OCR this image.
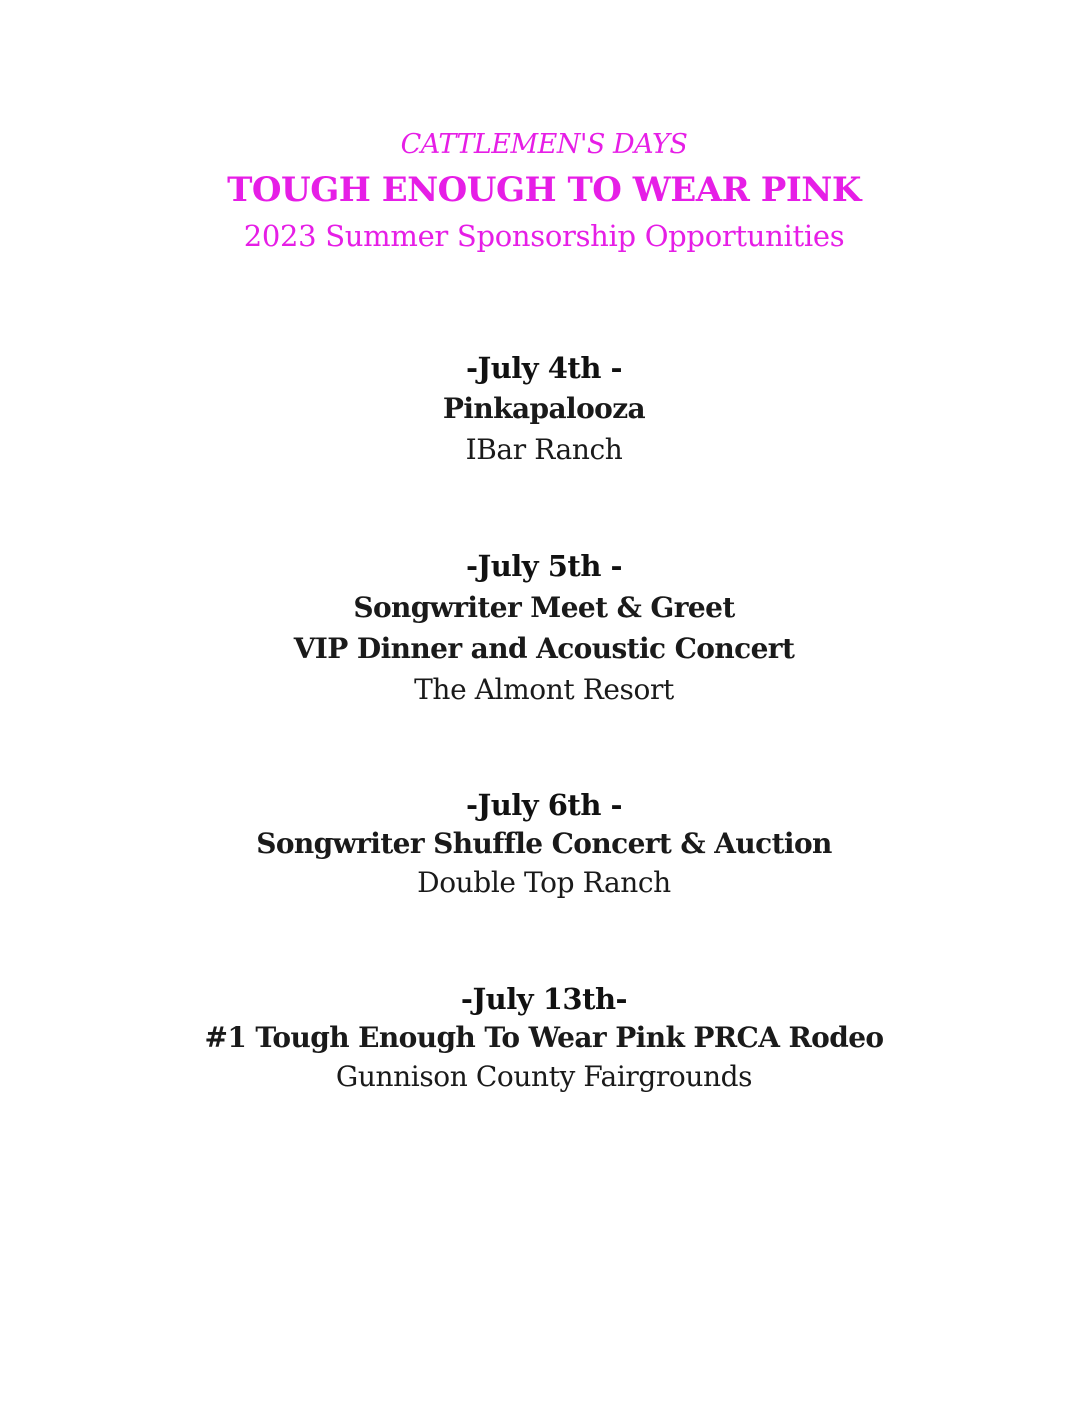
CATTLEMEN'S DAYS
TOUGH ENOUGH TO WEAR PINK
2023 Summer Sponsorship Opportunities
-July 4th -
Pinkapalooza
IBar Ranch
-July 5th -
Songwriter Meet & Greet
VIP Dinner and Acoustic Concert
The Almont Resort
-July 6th -
Songwriter Shuffle Concert & Auction
Double Top Ranch
-July 13th-
#1 Tough Enough To Wear Pink PRCA Rodeo
Gunnison County Fairgrounds
